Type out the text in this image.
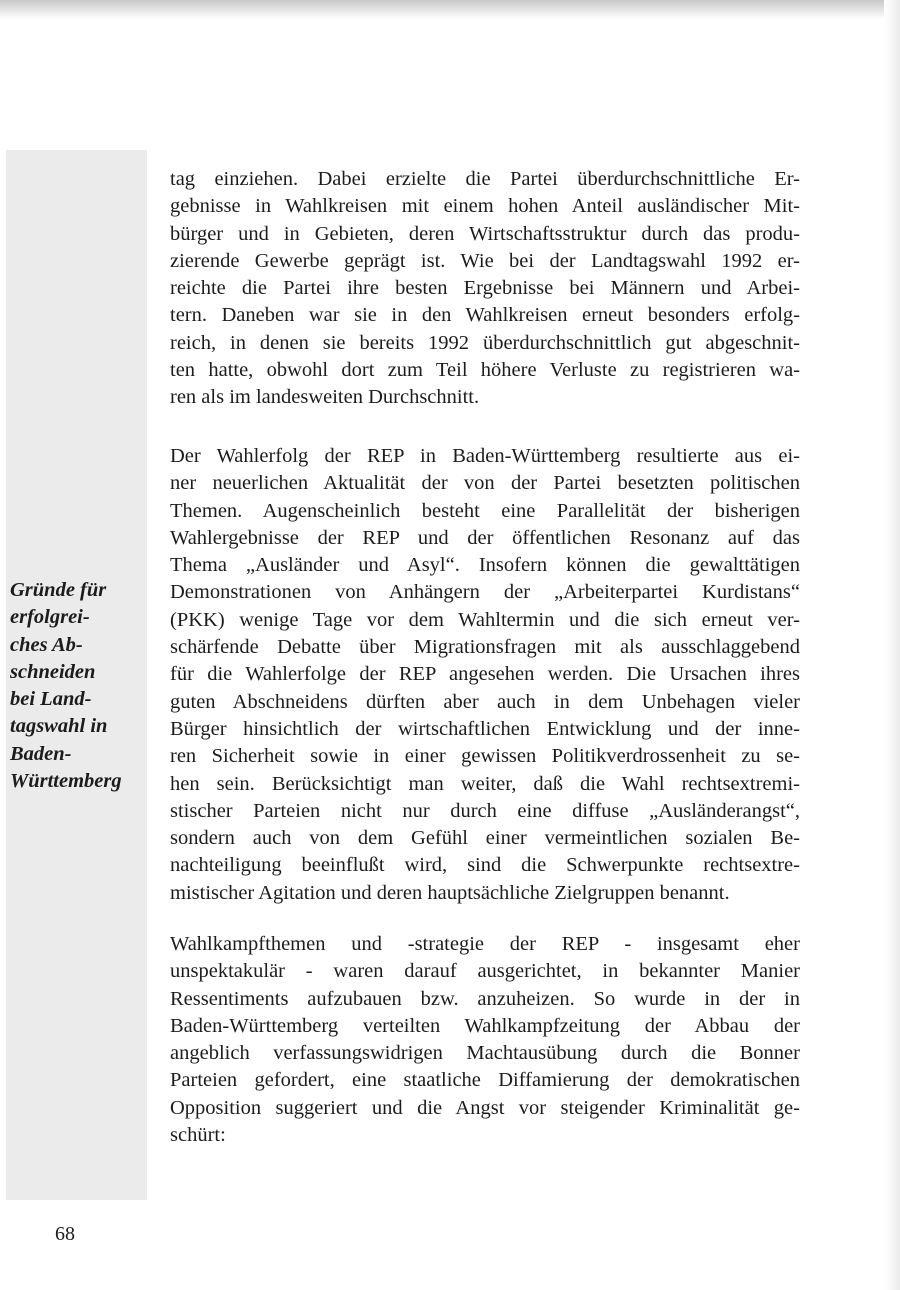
Gründe für
erfolgrei-
ches Ab-
schneiden
bei Land-
tagswahl in
Baden-
Württemberg
tag einziehen. Dabei erzielte die Partei überdurchschnittliche Er-
gebnisse in Wahlkreisen mit einem hohen Anteil ausländischer Mit-
bürger und in Gebieten, deren Wirtschaftsstruktur durch das produ-
zierende Gewerbe geprägt ist. Wie bei der Landtagswahl 1992 er-
reichte die Partei ihre besten Ergebnisse bei Männern und Arbei-
tern. Daneben war sie in den Wahlkreisen erneut besonders erfolg-
reich, in denen sie bereits 1992 überdurchschnittlich gut abgeschnit-
ten hatte, obwohl dort zum Teil höhere Verluste zu registrieren wa-
ren als im landesweiten Durchschnitt.
Der Wahlerfolg der REP in Baden-Württemberg resultierte aus ei-
ner neuerlichen Aktualität der von der Partei besetzten politischen
Themen. Augenscheinlich besteht eine Parallelität der bisherigen
Wahlergebnisse der REP und der öffentlichen Resonanz auf das
Thema „Ausländer und Asyl“. Insofern können die gewalttätigen
Demonstrationen von Anhängern der „Arbeiterpartei Kurdistans“
(PKK) wenige Tage vor dem Wahltermin und die sich erneut ver-
schärfende Debatte über Migrationsfragen mit als ausschlaggebend
für die Wahlerfolge der REP angesehen werden. Die Ursachen ihres
guten Abschneidens dürften aber auch in dem Unbehagen vieler
Bürger hinsichtlich der wirtschaftlichen Entwicklung und der inne-
ren Sicherheit sowie in einer gewissen Politikverdrossenheit zu se-
hen sein. Berücksichtigt man weiter, daß die Wahl rechtsextremi-
stischer Parteien nicht nur durch eine diffuse „Ausländerangst“,
sondern auch von dem Gefühl einer vermeintlichen sozialen Be-
nachteiligung beeinflußt wird, sind die Schwerpunkte rechtsextre-
mistischer Agitation und deren hauptsächliche Zielgruppen benannt.
Wahlkampfthemen und -strategie der REP - insgesamt eher
unspektakulär - waren darauf ausgerichtet, in bekannter Manier
Ressentiments aufzubauen bzw. anzuheizen. So wurde in der in
Baden-Württemberg verteilten Wahlkampfzeitung der Abbau der
angeblich verfassungswidrigen Machtausübung durch die Bonner
Parteien gefordert, eine staatliche Diffamierung der demokratischen
Opposition suggeriert und die Angst vor steigender Kriminalität ge-
schürt:
68
